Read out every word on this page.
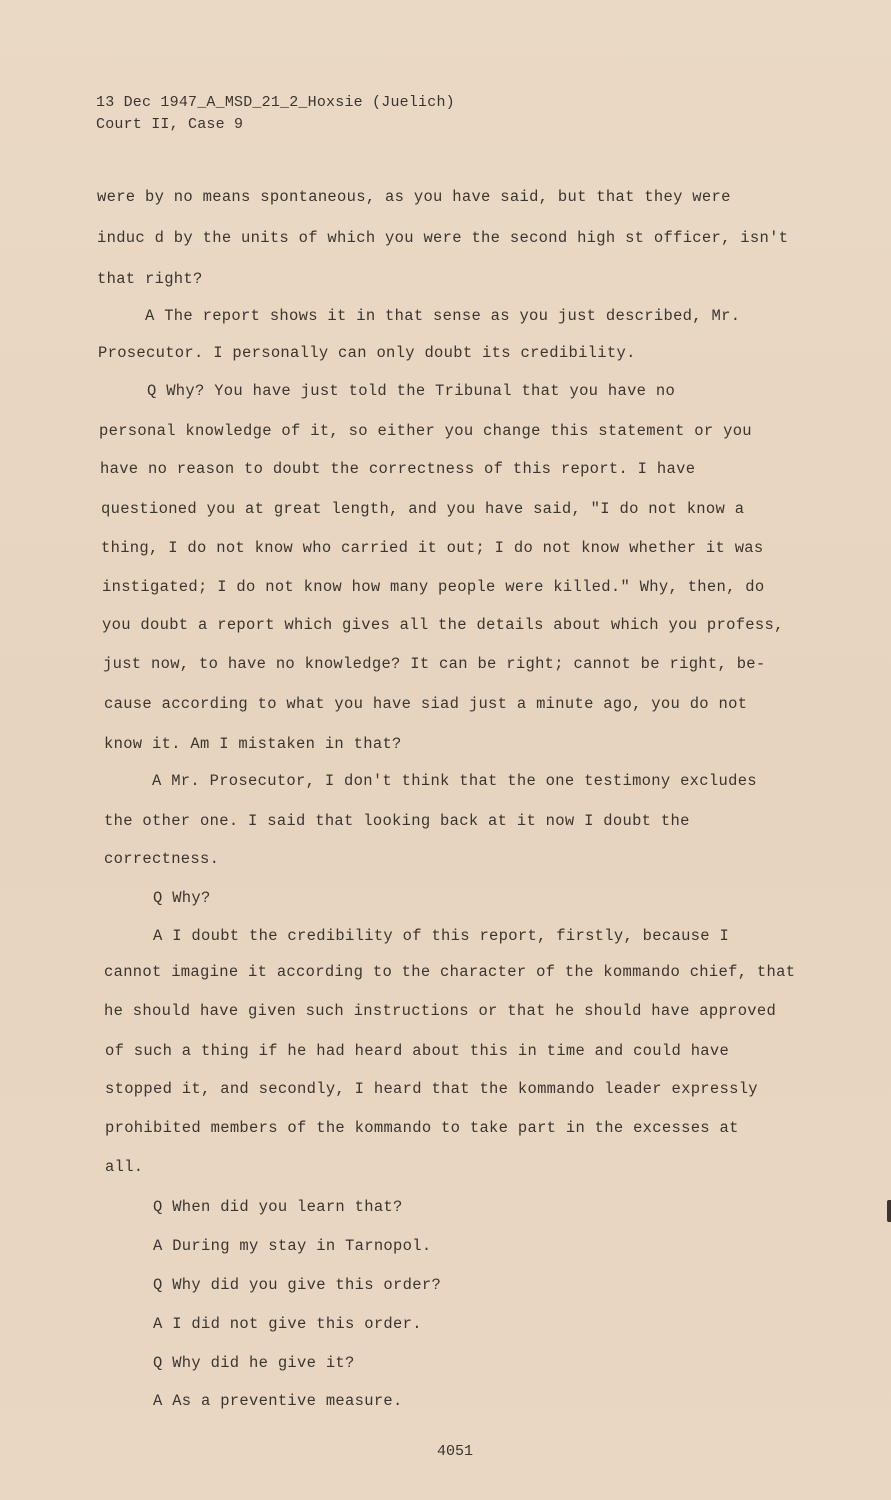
13 Dec 1947_A_MSD_21_2_Hoxsie (Juelich)
Court II, Case 9
were by no means spontaneous, as you have said, but that they were
induc d by the units of which you were the second high st officer, isn't
that right?
A The report shows it in that sense as you just described, Mr.
Prosecutor. I personally can only doubt its credibility.
Q Why? You have just told the Tribunal that you have no
personal knowledge of it, so either you change this statement or you
have no reason to doubt the correctness of this report. I have
questioned you at great length, and you have said, "I do not know a
thing, I do not know who carried it out; I do not know whether it was
instigated; I do not know how many people were killed." Why, then, do
you doubt a report which gives all the details about which you profess,
just now, to have no knowledge? It can be right; cannot be right, be-
cause according to what you have siad just a minute ago, you do not
know it. Am I mistaken in that?
A Mr. Prosecutor, I don't think that the one testimony excludes
the other one. I said that looking back at it now I doubt the
correctness.
Q Why?
A I doubt the credibility of this report, firstly, because I
cannot imagine it according to the character of the kommando chief, that
he should have given such instructions or that he should have approved
of such a thing if he had heard about this in time and could have
stopped it, and secondly, I heard that the kommando leader expressly
prohibited members of the kommando to take part in the excesses at
all.
Q When did you learn that?
A During my stay in Tarnopol.
Q Why did you give this order?
A I did not give this order.
Q Why did he give it?
A As a preventive measure.
4051
